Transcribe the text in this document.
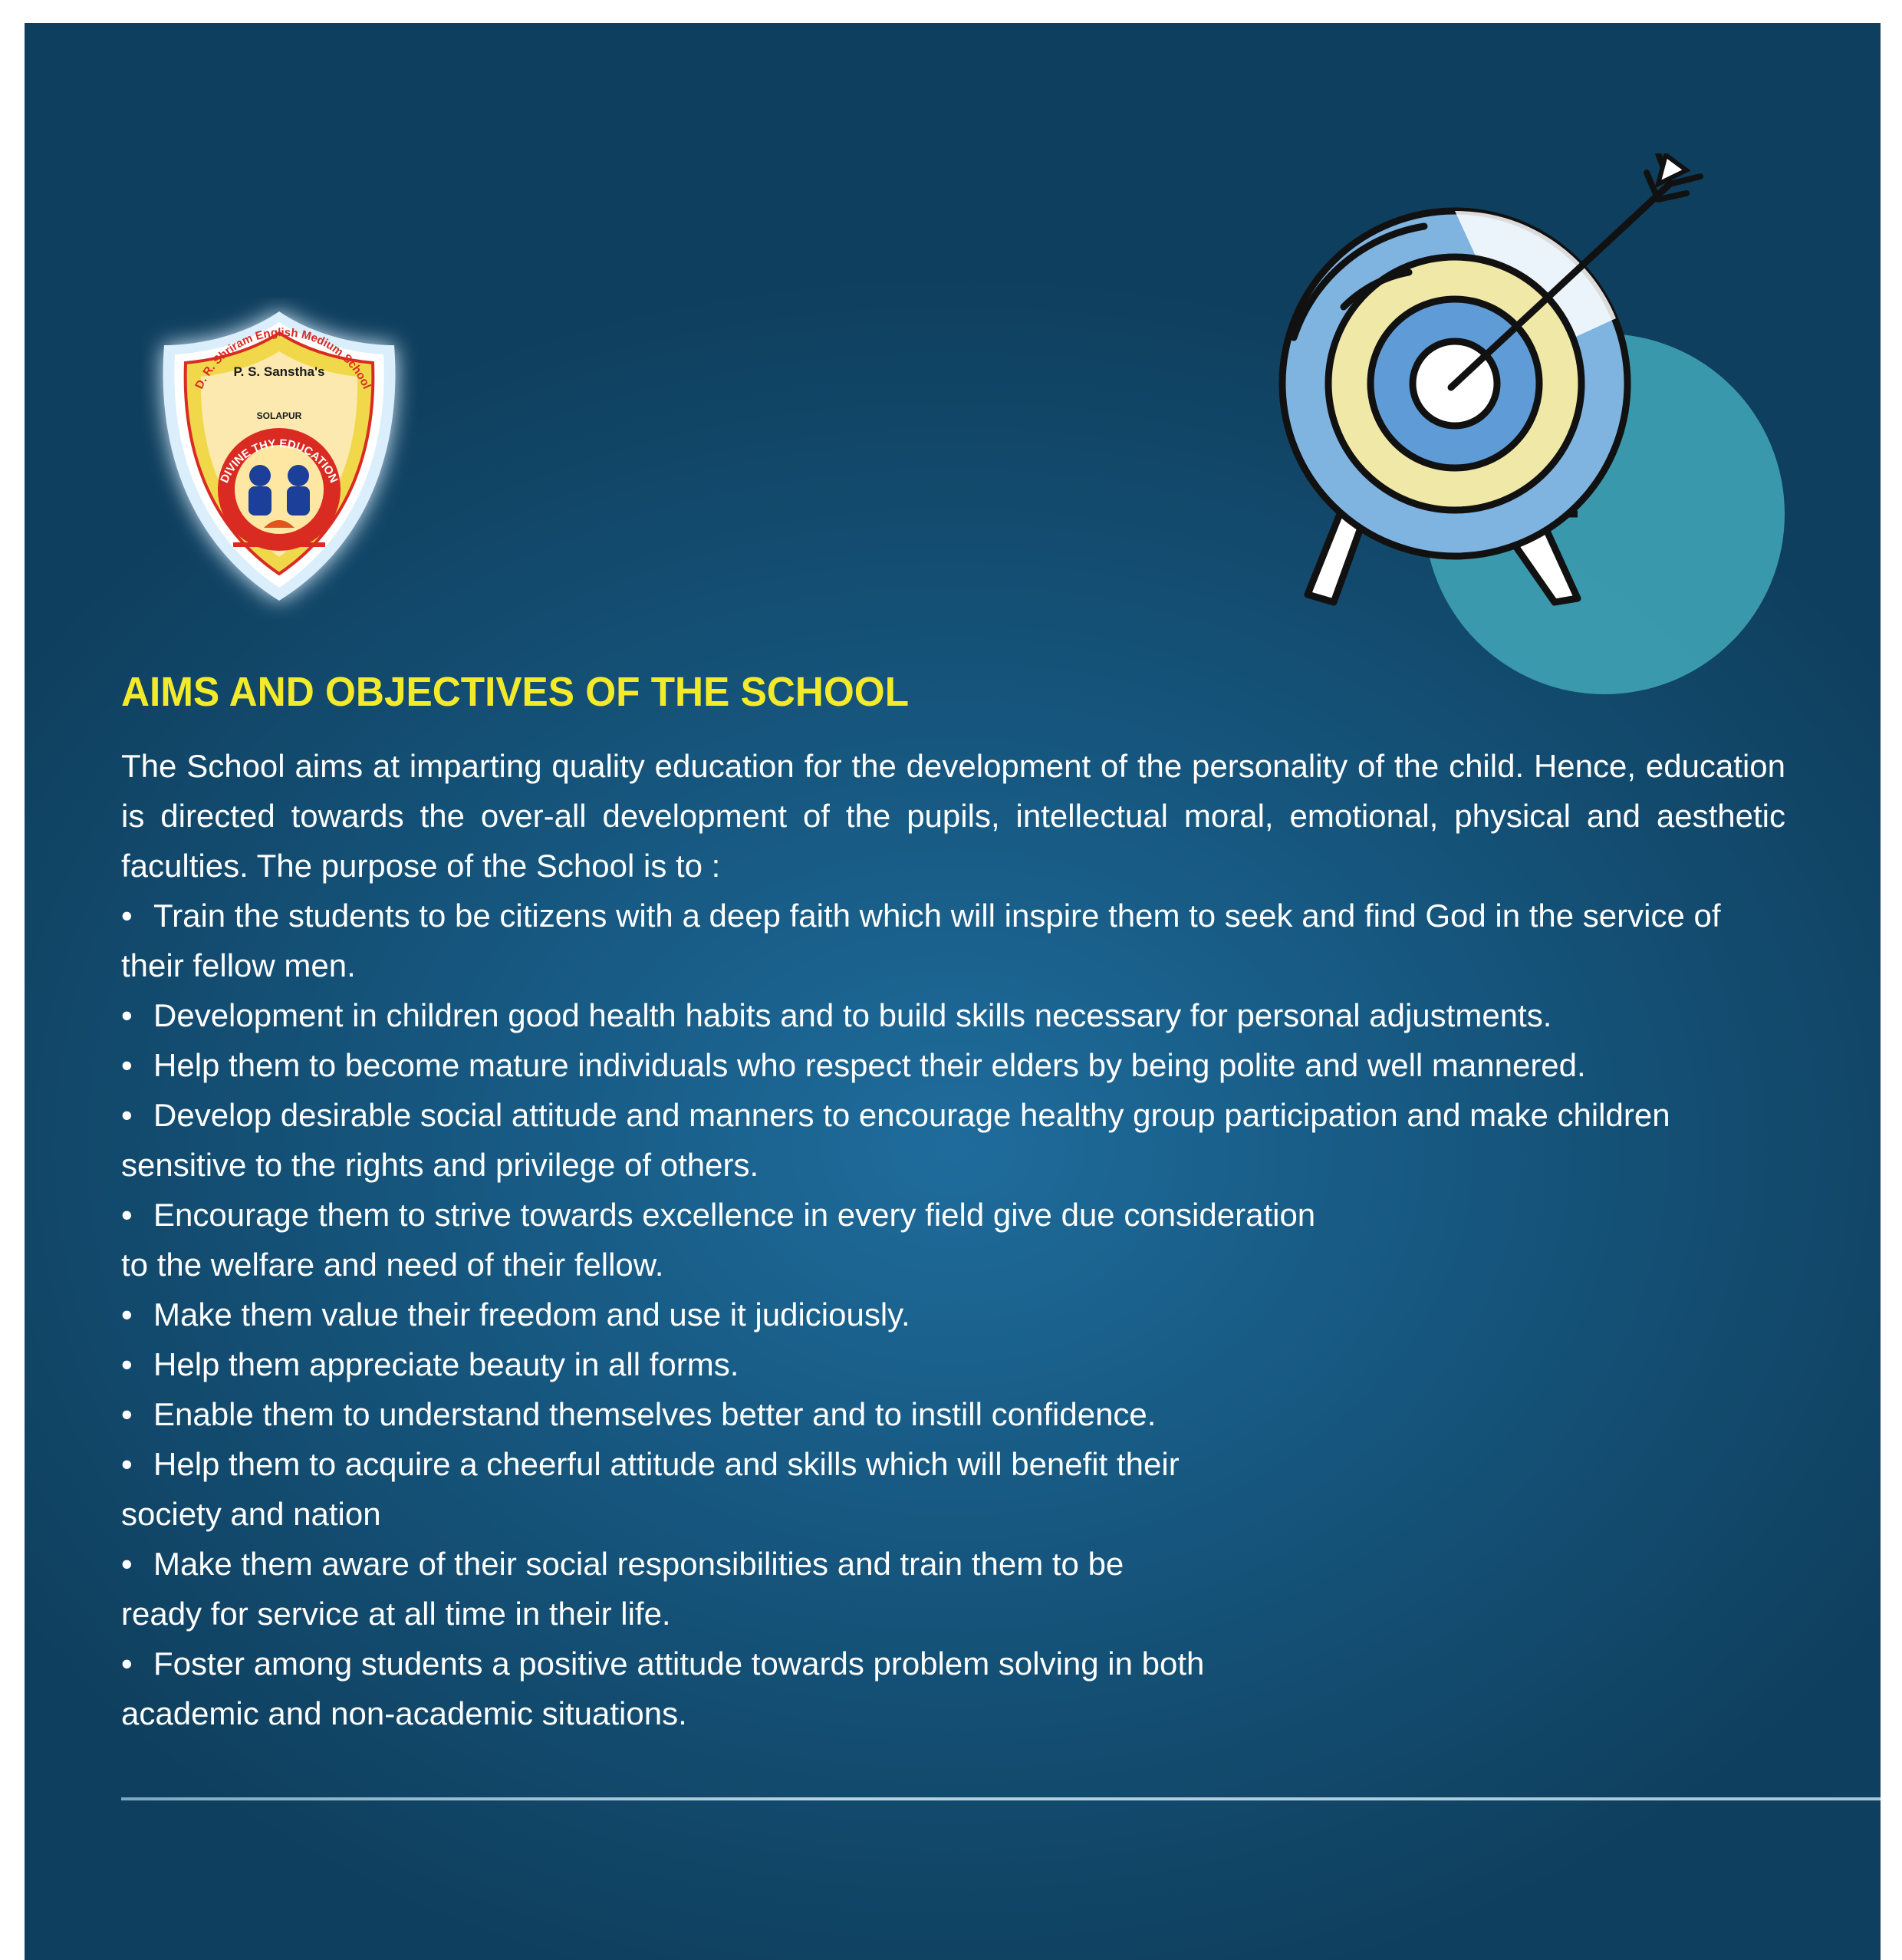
P. S. Sanstha's
D. R. Shriram English Medium School
SOLAPUR
DIVINE THY EDUCATION
AIMS AND OBJECTIVES OF THE SCHOOL

The School aims at imparting quality education for the development of the personality of the child. Hence, education is directed towards the over-all development of the pupils, intellectual moral, emotional, physical and aesthetic faculties. The purpose of the School is to :

• Train the students to be citizens with a deep faith which will inspire them to seek and find God in the service of their fellow men.
• Development in children good health habits and to build skills necessary for personal adjustments.
• Help them to become mature individuals who respect their elders by being polite and well mannered.
• Develop desirable social attitude and manners to encourage healthy group participation and make children sensitive to the rights and privilege of others.
• Encourage them to strive towards excellence in every field give due consideration
to the welfare and need of their fellow.
• Make them value their freedom and use it judiciously.
• Help them appreciate beauty in all forms.
• Enable them to understand themselves better and to instill confidence.
• Help them to acquire a cheerful attitude and skills which will benefit their
society and nation
• Make them aware of their social responsibilities and train them to be
ready for service at all time in their life.
• Foster among students a positive attitude towards problem solving in both
academic and non-academic situations.
